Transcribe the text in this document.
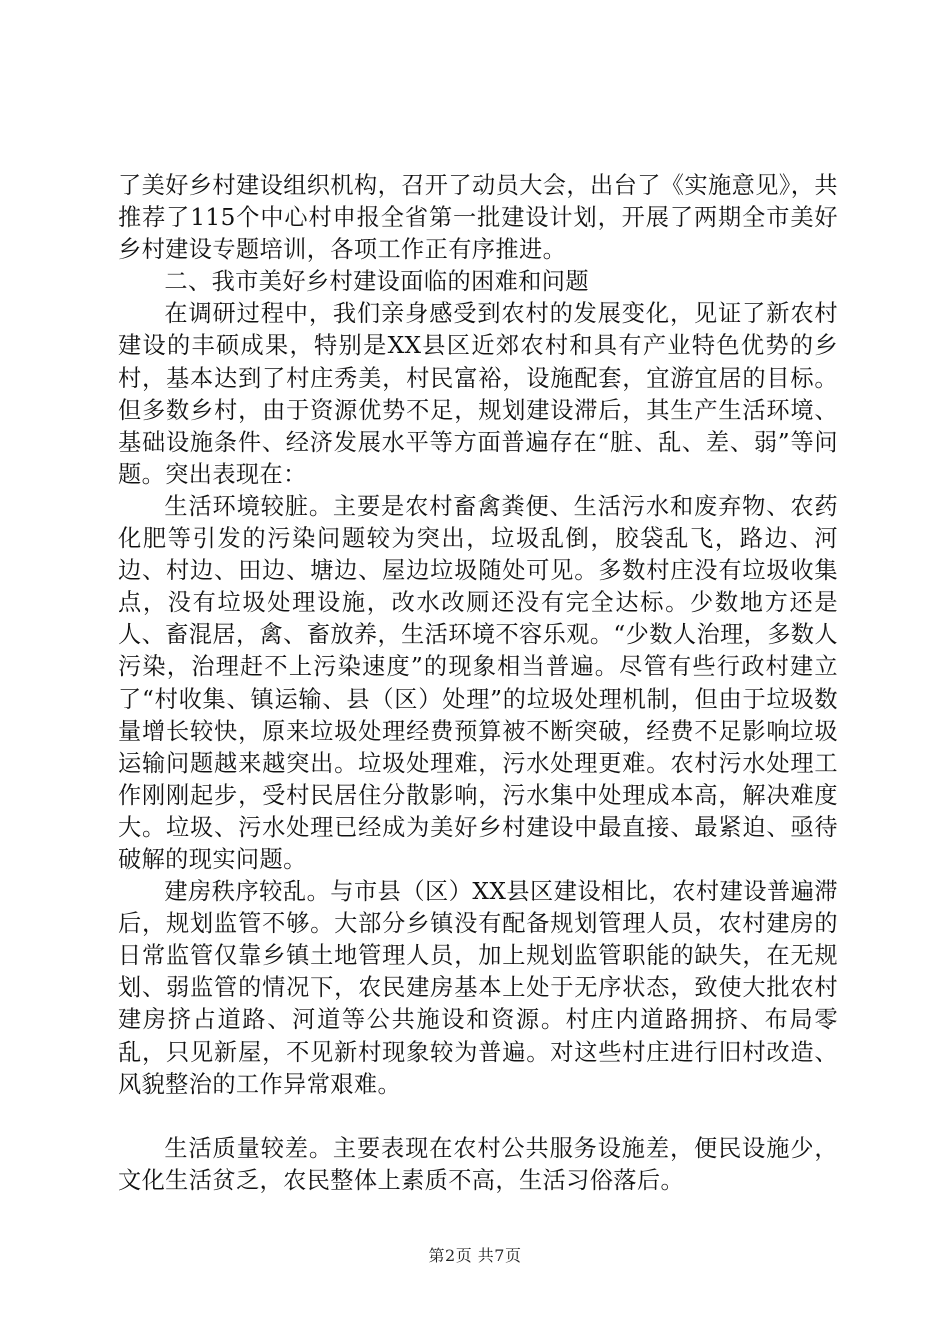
了美好乡村建设组织机构，召开了动员大会，出台了《实施意见》，共推荐了115个中心村申报全省第一批建设计划，开展了两期全市美好乡村建设专题培训，各项工作正有序推进。

二、我市美好乡村建设面临的困难和问题

在调研过程中，我们亲身感受到农村的发展变化，见证了新农村建设的丰硕成果，特别是XX县区近郊农村和具有产业特色优势的乡村，基本达到了村庄秀美，村民富裕，设施配套，宜游宜居的目标。但多数乡村，由于资源优势不足，规划建设滞后，其生产生活环境、基础设施条件、经济发展水平等方面普遍存在“脏、乱、差、弱”等问题。突出表现在：

生活环境较脏。主要是农村畜禽粪便、生活污水和废弃物、农药化肥等引发的污染问题较为突出，垃圾乱倒，胶袋乱飞，路边、河边、村边、田边、塘边、屋边垃圾随处可见。多数村庄没有垃圾收集点，没有垃圾处理设施，改水改厕还没有完全达标。少数地方还是人、畜混居，禽、畜放养，生活环境不容乐观。“少数人治理，多数人污染，治理赶不上污染速度”的现象相当普遍。尽管有些行政村建立了“村收集、镇运输、县（区）处理”的垃圾处理机制，但由于垃圾数量增长较快，原来垃圾处理经费预算被不断突破，经费不足影响垃圾运输问题越来越突出。垃圾处理难，污水处理更难。农村污水处理工作刚刚起步，受村民居住分散影响，污水集中处理成本高，解决难度大。垃圾、污水处理已经成为美好乡村建设中最直接、最紧迫、亟待破解的现实问题。

建房秩序较乱。与市县（区）XX县区建设相比，农村建设普遍滞后，规划监管不够。大部分乡镇没有配备规划管理人员，农村建房的日常监管仅靠乡镇土地管理人员，加上规划监管职能的缺失，在无规划、弱监管的情况下，农民建房基本上处于无序状态，致使大批农村建房挤占道路、河道等公共施设和资源。村庄内道路拥挤、布局零乱，只见新屋，不见新村现象较为普遍。对这些村庄进行旧村改造、风貌整治的工作异常艰难。

生活质量较差。主要表现在农村公共服务设施差，便民设施少，文化生活贫乏，农民整体上素质不高，生活习俗落后。

第2页 共7页
